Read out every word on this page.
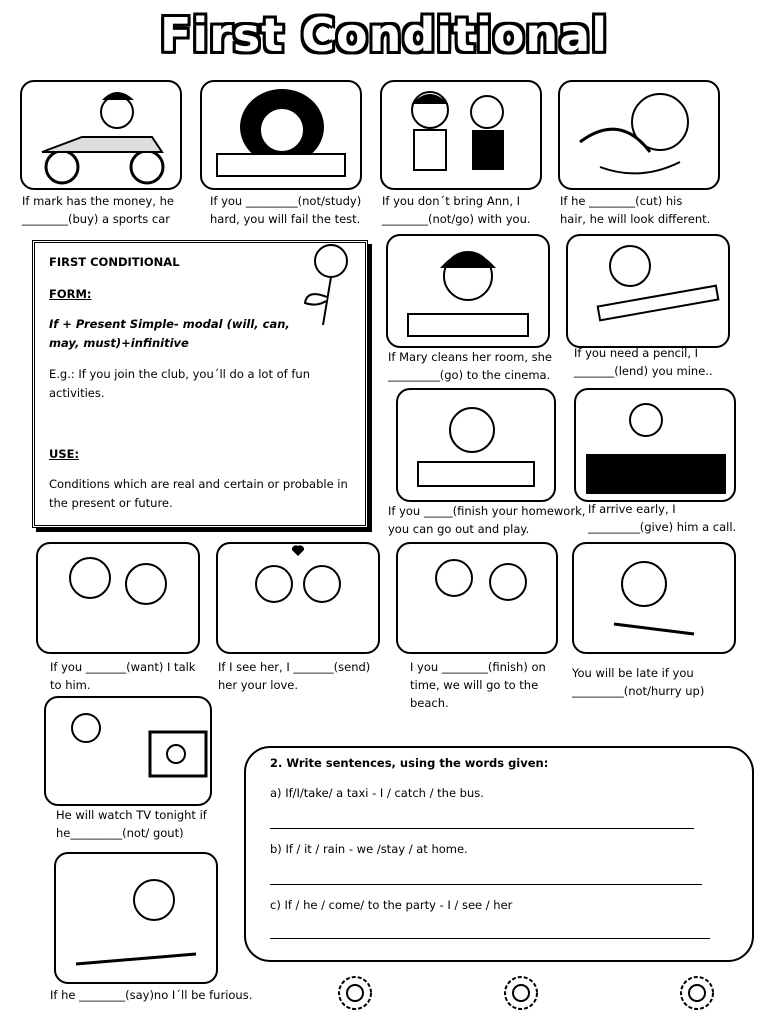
First Conditional
If mark has the money, he
________(buy) a sports car
If you _________(not/study)
hard, you will fail the test.
If you don´t bring Ann, I
________(not/go) with you.
If he ________(cut) his
hair, he will look different.

FIRST CONDITIONAL

FORM:

If + Present Simple- modal (will, can, may, must)+infinitive

E.g.: If you join the club, you´ll do a lot of fun activities.

USE:

Conditions which are real and certain or probable in the present or future.

If Mary cleans her room, she
_________(go) to the cinema.
If you need a pencil, I
_______(lend) you mine..
If you _____(finish your homework,
you can go out and play.
If arrive early, I
_________(give) him a call.
If you _______(want) I talk
to him.
If I see her, I _______(send)
her your love.
I you ________(finish) on
time, we will go to the
beach.
You will be late if you
_________(not/hurry up)
He will watch TV tonight if
he_________(not/ gout)
If he ________(say)no I´ll be furious.
2. Write sentences, using the words given:
a) If/I/take/ a taxi - I / catch / the bus.
b) If / it / rain - we /stay / at home.
c) If / he / come/ to the party - I / see / her
